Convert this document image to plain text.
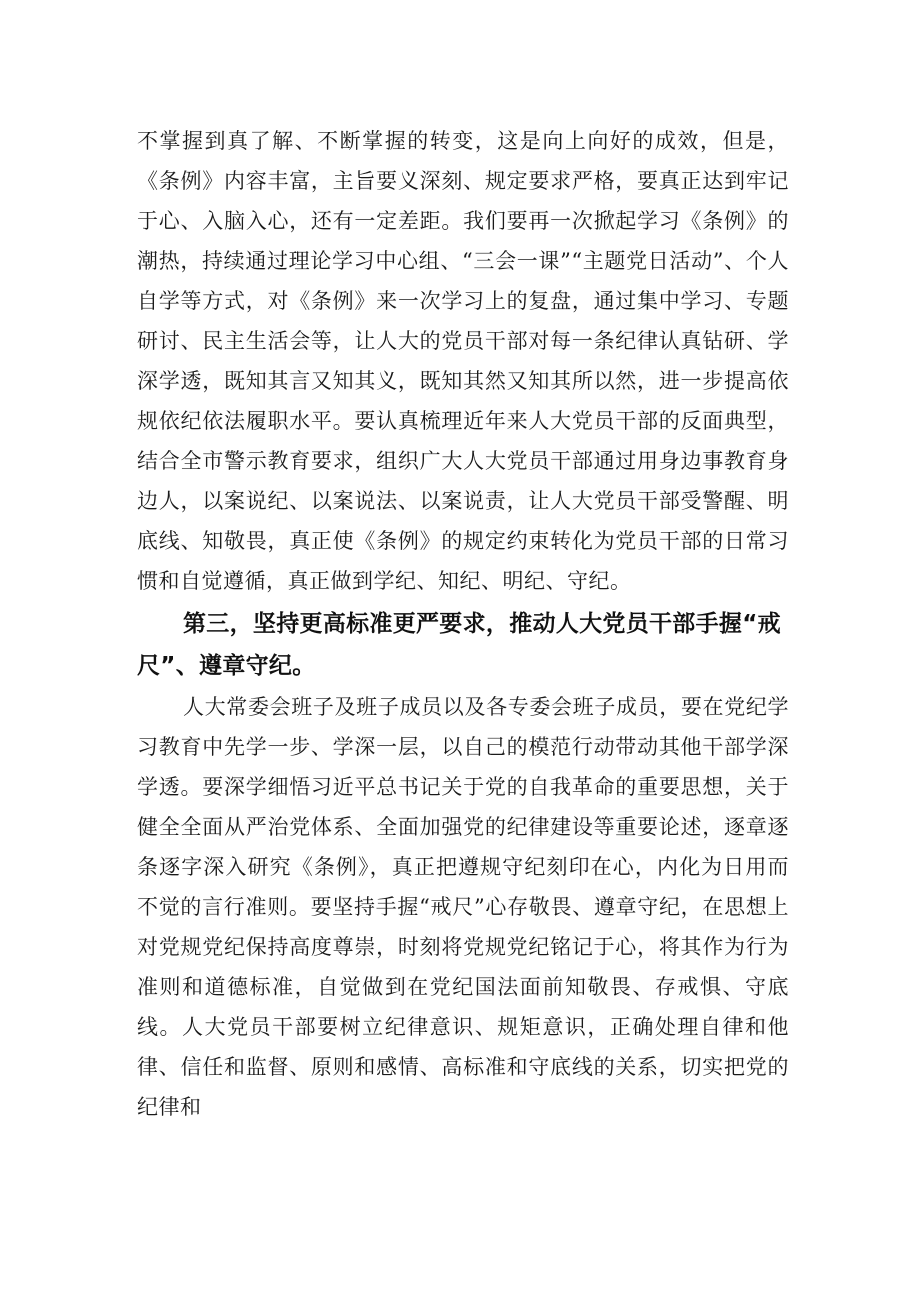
不掌握到真了解、不断掌握的转变，这是向上向好的成效，但是，《条例》内容丰富，主旨要义深刻、规定要求严格，要真正达到牢记于心、入脑入心，还有一定差距。我们要再一次掀起学习《条例》的潮热，持续通过理论学习中心组、“三会一课”“主题党日活动”、个人自学等方式，对《条例》来一次学习上的复盘，通过集中学习、专题研讨、民主生活会等，让人大的党员干部对每一条纪律认真钻研、学深学透，既知其言又知其义，既知其然又知其所以然，进一步提高依规依纪依法履职水平。要认真梳理近年来人大党员干部的反面典型，结合全市警示教育要求，组织广大人大党员干部通过用身边事教育身边人，以案说纪、以案说法、以案说责，让人大党员干部受警醒、明底线、知敬畏，真正使《条例》的规定约束转化为党员干部的日常习惯和自觉遵循，真正做到学纪、知纪、明纪、守纪。

第三，坚持更高标准更严要求，推动人大党员干部手握“戒尺”、遵章守纪。

人大常委会班子及班子成员以及各专委会班子成员，要在党纪学习教育中先学一步、学深一层，以自己的模范行动带动其他干部学深学透。要深学细悟习近平总书记关于党的自我革命的重要思想，关于健全全面从严治党体系、全面加强党的纪律建设等重要论述，逐章逐条逐字深入研究《条例》，真正把遵规守纪刻印在心，内化为日用而不觉的言行准则。要坚持手握“戒尺”心存敬畏、遵章守纪，在思想上对党规党纪保持高度尊崇，时刻将党规党纪铭记于心，将其作为行为准则和道德标准，自觉做到在党纪国法面前知敬畏、存戒惧、守底线。人大党员干部要树立纪律意识、规矩意识，正确处理自律和他律、信任和监督、原则和感情、高标准和守底线的关系，切实把党的纪律和
